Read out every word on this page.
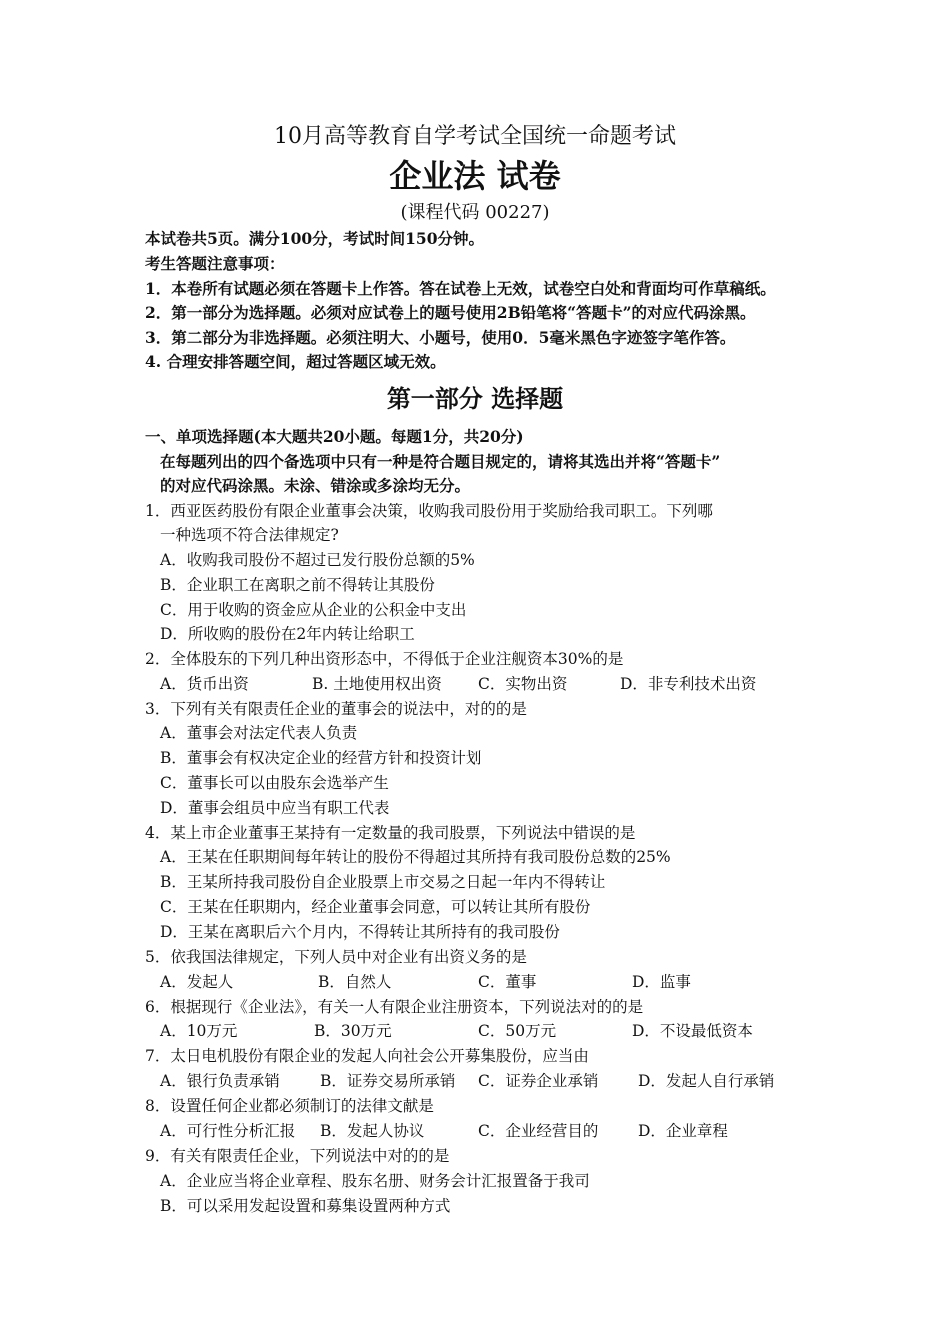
10月高等教育自学考试全国统一命题考试
企业法 试卷
(课程代码 00227)
本试卷共5页。满分100分，考试时间150分钟。
考生答题注意事项：
1．本卷所有试题必须在答题卡上作答。答在试卷上无效，试卷空白处和背面均可作草稿纸。
2．第一部分为选择题。必须对应试卷上的题号使用2B铅笔将“答题卡”的对应代码涂黑。
3．第二部分为非选择题。必须注明大、小题号，使用0．5毫米黑色字迹签字笔作答。
4. 合理安排答题空间，超过答题区域无效。
第一部分 选择题
一、单项选择题(本大题共20小题。每题1分，共20分)
在每题列出的四个备选项中只有一种是符合题目规定的，请将其选出并将“答题卡”
的对应代码涂黑。未涂、错涂或多涂均无分。
1．西亚医药股份有限企业董事会决策，收购我司股份用于奖励给我司职工。下列哪
一种选项不符合法律规定?
A．收购我司股份不超过已发行股份总额的5%
B．企业职工在离职之前不得转让其股份
C．用于收购的资金应从企业的公积金中支出
D．所收购的股份在2年内转让给职工
2．全体股东的下列几种出资形态中，不得低于企业注舰资本30%的是
A．货币出资	B. 土地使用权出资 C．实物出资	D．非专利技术出资
3．下列有关有限责任企业的董事会的说法中，对的的是
A．董事会对法定代表人负责
B．董事会有权决定企业的经营方针和投资计划
C．董事长可以由股东会选举产生
D．董事会组员中应当有职工代表
4．某上市企业董事王某持有一定数量的我司股票，下列说法中错误的是
A．王某在任职期间每年转让的股份不得超过其所持有我司股份总数的25%
B．王某所持我司股份自企业股票上市交易之日起一年内不得转让
C．王某在任职期内，经企业董事会同意，可以转让其所有股份
D．王某在离职后六个月内，不得转让其所持有的我司股份
5．依我国法律规定，下列人员中对企业有出资义务的是
A．发起人	B．自然人	C．董事	D．监事
6．根据现行《企业法》，有关一人有限企业注册资本，下列说法对的的是
A．10万元	B．30万元	C．50万元	D．不设最低资本
7．太日电机股份有限企业的发起人向社会公开募集股份，应当由
A．银行负责承销	B．证券交易所承销 C．证券企业承销	D．发起人自行承销
8．设置任何企业都必须制订的法律文献是
A．可行性分析汇报 B．发起人协议	C．企业经营目的	D．企业章程
9．有关有限责任企业，下列说法中对的的是
A．企业应当将企业章程、股东名册、财务会计汇报置备于我司
B．可以采用发起设置和募集设置两种方式
